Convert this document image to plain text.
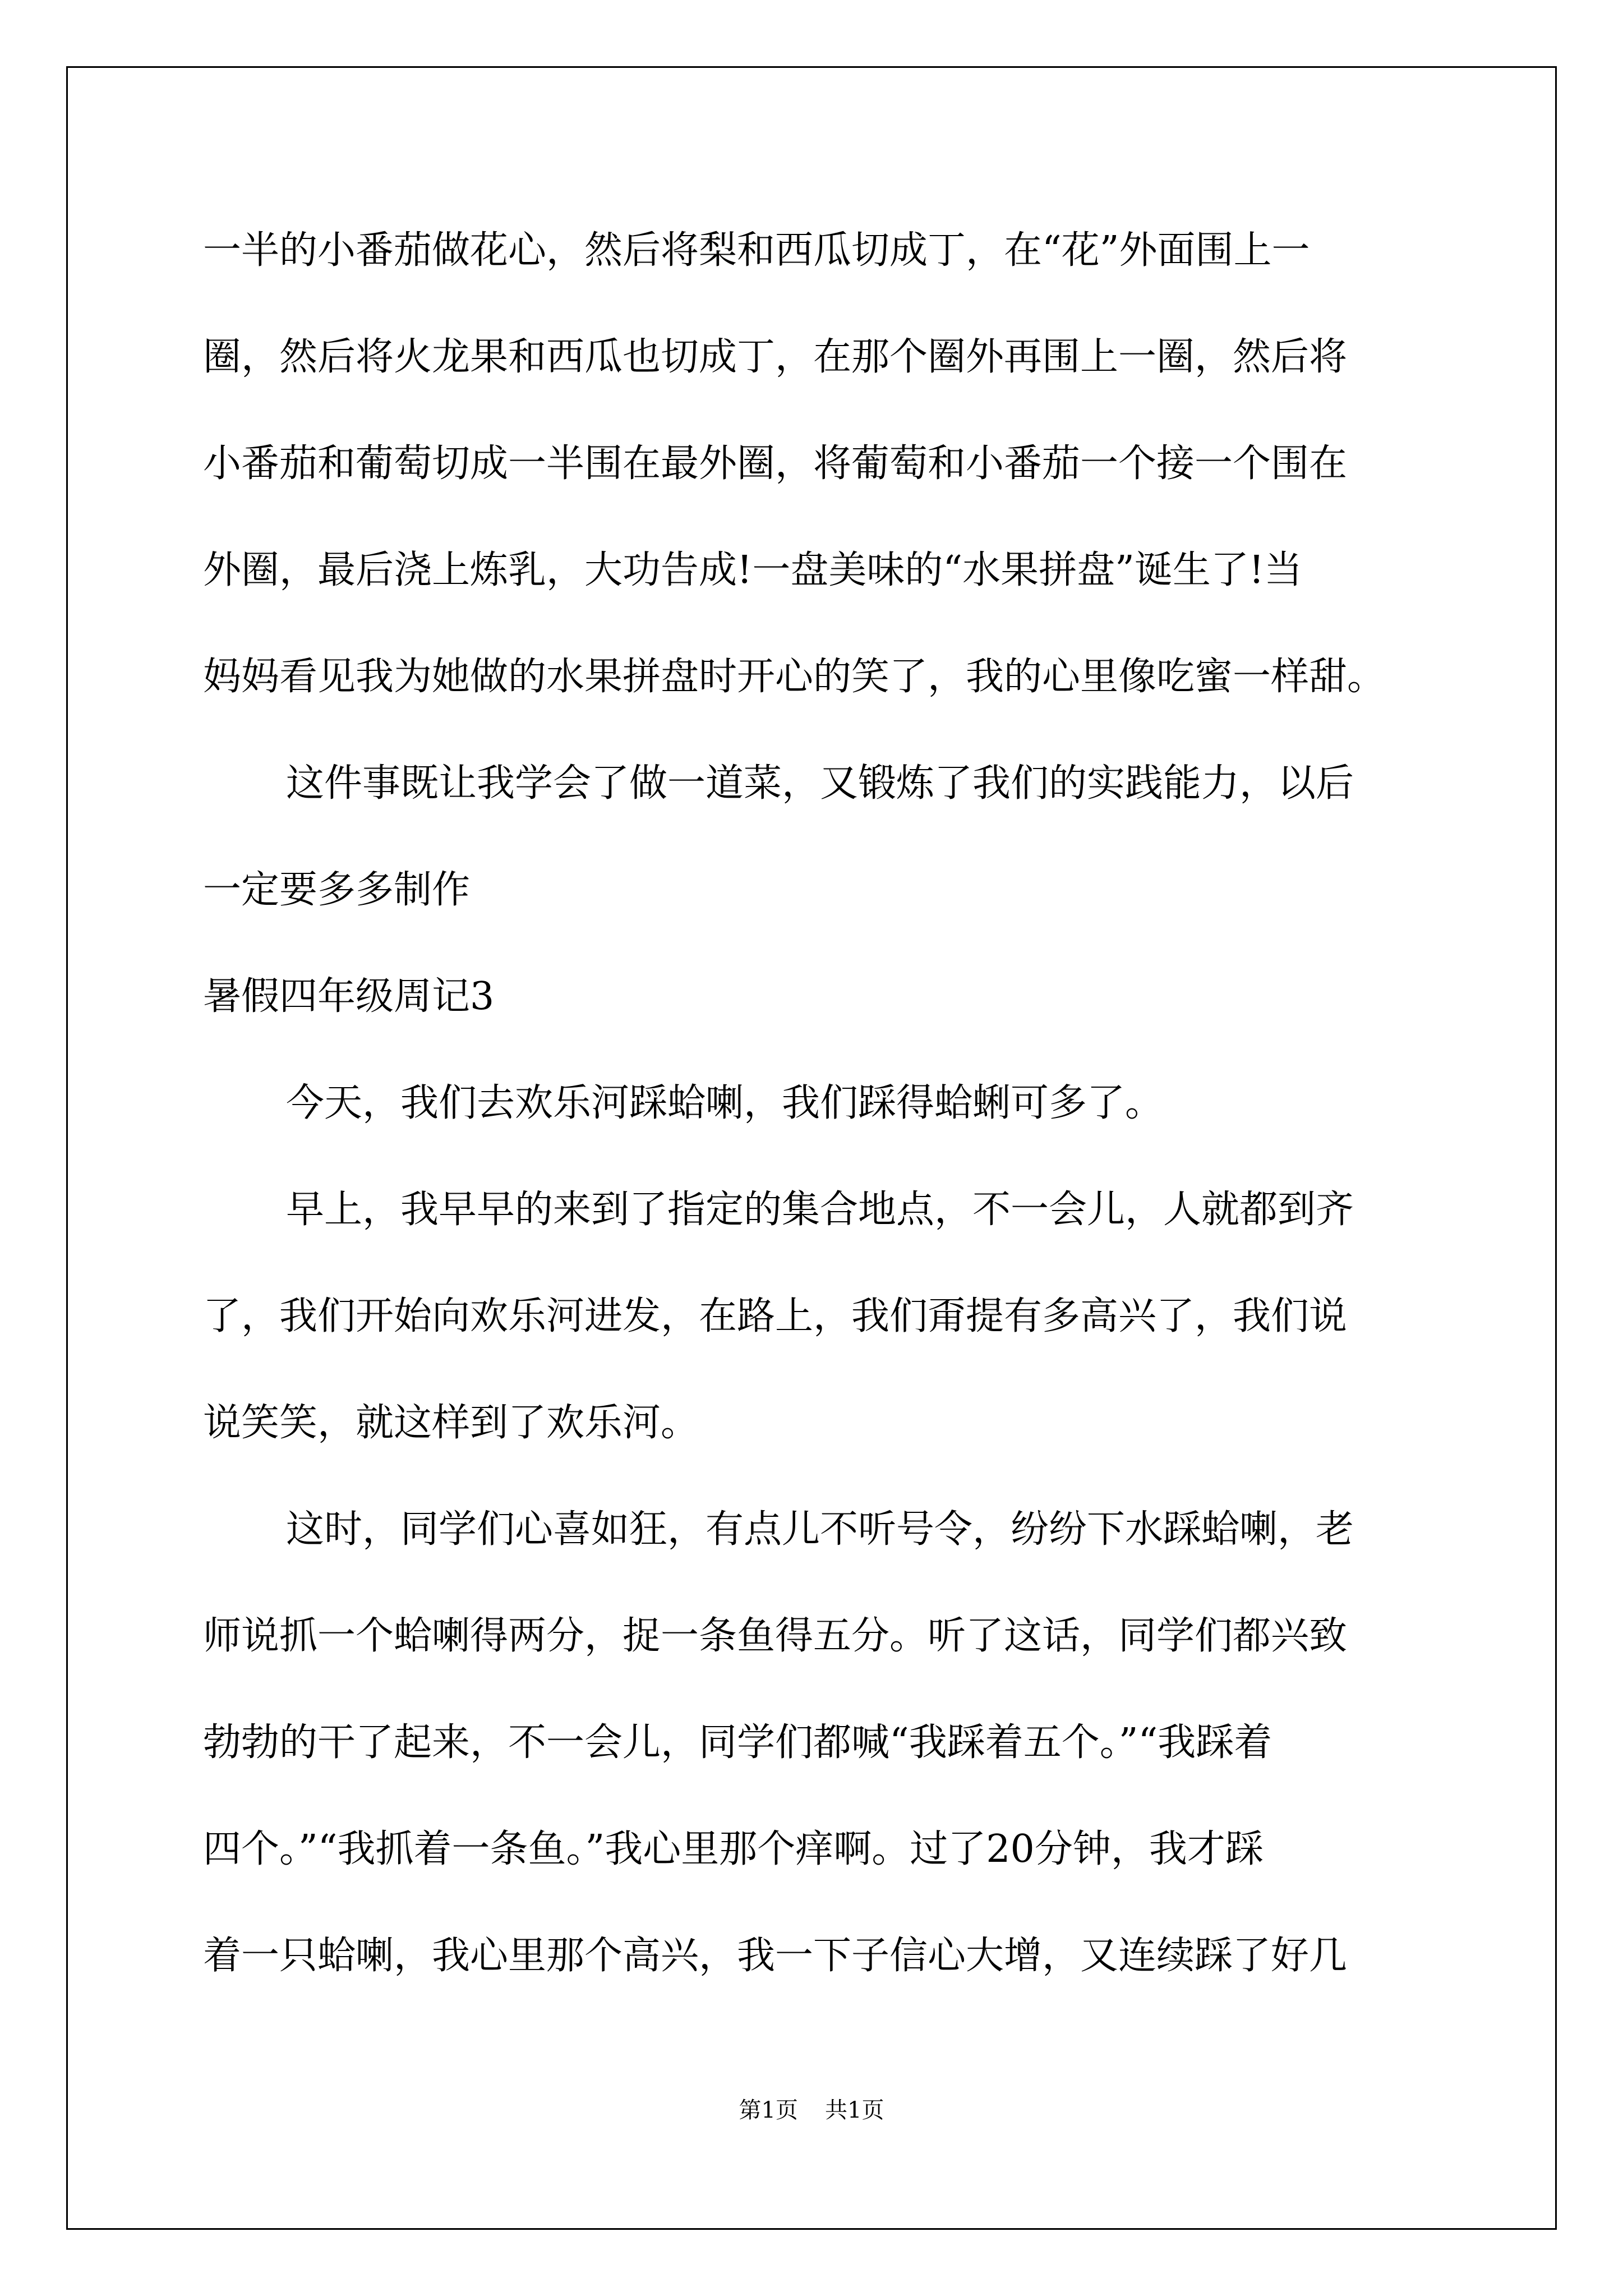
一半的小番茄做花心，然后将梨和西瓜切成丁，在“花”外面围上一

圈，然后将火龙果和西瓜也切成丁，在那个圈外再围上一圈，然后将

小番茄和葡萄切成一半围在最外圈，将葡萄和小番茄一个接一个围在

外圈，最后浇上炼乳，大功告成!一盘美味的“水果拼盘”诞生了!当

妈妈看见我为她做的水果拼盘时开心的笑了，我的心里像吃蜜一样甜。

这件事既让我学会了做一道菜，又锻炼了我们的实践能力，以后

一定要多多制作

暑假四年级周记3

今天，我们去欢乐河踩蛤喇，我们踩得蛤蜊可多了。

早上，我早早的来到了指定的集合地点，不一会儿，人就都到齐

了，我们开始向欢乐河进发，在路上，我们甭提有多高兴了，我们说

说笑笑，就这样到了欢乐河。

这时，同学们心喜如狂，有点儿不听号令，纷纷下水踩蛤喇，老

师说抓一个蛤喇得两分，捉一条鱼得五分。听了这话，同学们都兴致

勃勃的干了起来，不一会儿，同学们都喊“我踩着五个。”“我踩着

四个。”“我抓着一条鱼。”我心里那个痒啊。过了20分钟，我才踩

着一只蛤喇，我心里那个高兴，我一下子信心大增，又连续踩了好几

第1页 共1页
